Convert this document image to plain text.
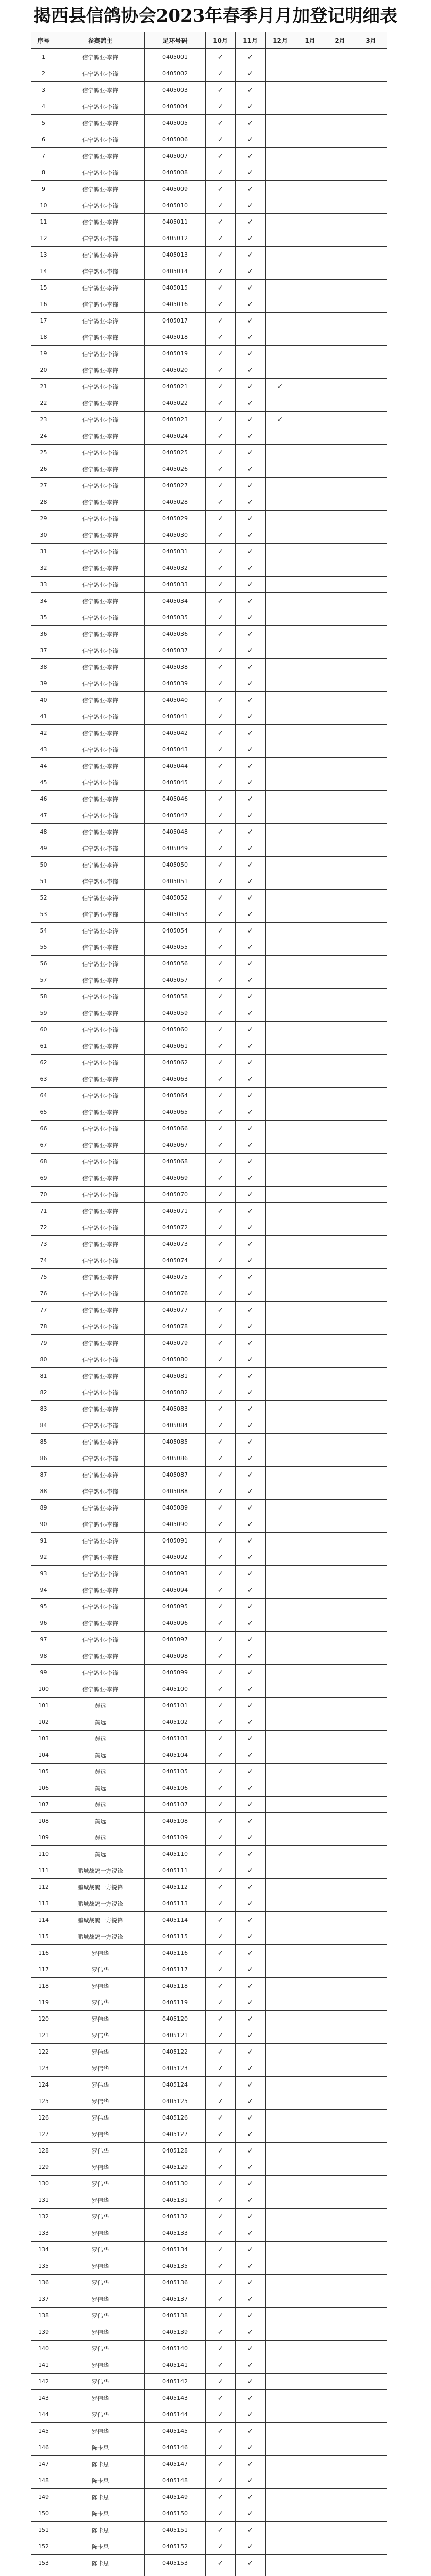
揭西县信鸽协会2023年春季月月加登记明细表
序号	参赛鸽主	足环号码	10月	11月	12月	1月	2月	3月
1	信宁鸽业-李锋	0405001	✓	✓				
2	信宁鸽业-李锋	0405002	✓	✓				
3	信宁鸽业-李锋	0405003	✓	✓				
4	信宁鸽业-李锋	0405004	✓	✓				
5	信宁鸽业-李锋	0405005	✓	✓				
6	信宁鸽业-李锋	0405006	✓	✓				
7	信宁鸽业-李锋	0405007	✓	✓				
8	信宁鸽业-李锋	0405008	✓	✓				
9	信宁鸽业-李锋	0405009	✓	✓				
10	信宁鸽业-李锋	0405010	✓	✓				
11	信宁鸽业-李锋	0405011	✓	✓				
12	信宁鸽业-李锋	0405012	✓	✓				
13	信宁鸽业-李锋	0405013	✓	✓				
14	信宁鸽业-李锋	0405014	✓	✓				
15	信宁鸽业-李锋	0405015	✓	✓				
16	信宁鸽业-李锋	0405016	✓	✓				
17	信宁鸽业-李锋	0405017	✓	✓				
18	信宁鸽业-李锋	0405018	✓	✓				
19	信宁鸽业-李锋	0405019	✓	✓				
20	信宁鸽业-李锋	0405020	✓	✓				
21	信宁鸽业-李锋	0405021	✓	✓	✓			
22	信宁鸽业-李锋	0405022	✓	✓				
23	信宁鸽业-李锋	0405023	✓	✓	✓			
24	信宁鸽业-李锋	0405024	✓	✓				
25	信宁鸽业-李锋	0405025	✓	✓				
26	信宁鸽业-李锋	0405026	✓	✓				
27	信宁鸽业-李锋	0405027	✓	✓				
28	信宁鸽业-李锋	0405028	✓	✓				
29	信宁鸽业-李锋	0405029	✓	✓				
30	信宁鸽业-李锋	0405030	✓	✓				
31	信宁鸽业-李锋	0405031	✓	✓				
32	信宁鸽业-李锋	0405032	✓	✓				
33	信宁鸽业-李锋	0405033	✓	✓				
34	信宁鸽业-李锋	0405034	✓	✓				
35	信宁鸽业-李锋	0405035	✓	✓				
36	信宁鸽业-李锋	0405036	✓	✓				
37	信宁鸽业-李锋	0405037	✓	✓				
38	信宁鸽业-李锋	0405038	✓	✓				
39	信宁鸽业-李锋	0405039	✓	✓				
40	信宁鸽业-李锋	0405040	✓	✓				
41	信宁鸽业-李锋	0405041	✓	✓				
42	信宁鸽业-李锋	0405042	✓	✓				
43	信宁鸽业-李锋	0405043	✓	✓				
44	信宁鸽业-李锋	0405044	✓	✓				
45	信宁鸽业-李锋	0405045	✓	✓				
46	信宁鸽业-李锋	0405046	✓	✓				
47	信宁鸽业-李锋	0405047	✓	✓				
48	信宁鸽业-李锋	0405048	✓	✓				
49	信宁鸽业-李锋	0405049	✓	✓				
50	信宁鸽业-李锋	0405050	✓	✓				
51	信宁鸽业-李锋	0405051	✓	✓				
52	信宁鸽业-李锋	0405052	✓	✓				
53	信宁鸽业-李锋	0405053	✓	✓				
54	信宁鸽业-李锋	0405054	✓	✓				
55	信宁鸽业-李锋	0405055	✓	✓				
56	信宁鸽业-李锋	0405056	✓	✓				
57	信宁鸽业-李锋	0405057	✓	✓				
58	信宁鸽业-李锋	0405058	✓	✓				
59	信宁鸽业-李锋	0405059	✓	✓				
60	信宁鸽业-李锋	0405060	✓	✓				
61	信宁鸽业-李锋	0405061	✓	✓				
62	信宁鸽业-李锋	0405062	✓	✓				
63	信宁鸽业-李锋	0405063	✓	✓				
64	信宁鸽业-李锋	0405064	✓	✓				
65	信宁鸽业-李锋	0405065	✓	✓				
66	信宁鸽业-李锋	0405066	✓	✓				
67	信宁鸽业-李锋	0405067	✓	✓				
68	信宁鸽业-李锋	0405068	✓	✓				
69	信宁鸽业-李锋	0405069	✓	✓				
70	信宁鸽业-李锋	0405070	✓	✓				
71	信宁鸽业-李锋	0405071	✓	✓				
72	信宁鸽业-李锋	0405072	✓	✓				
73	信宁鸽业-李锋	0405073	✓	✓				
74	信宁鸽业-李锋	0405074	✓	✓				
75	信宁鸽业-李锋	0405075	✓	✓				
76	信宁鸽业-李锋	0405076	✓	✓				
77	信宁鸽业-李锋	0405077	✓	✓				
78	信宁鸽业-李锋	0405078	✓	✓				
79	信宁鸽业-李锋	0405079	✓	✓				
80	信宁鸽业-李锋	0405080	✓	✓				
81	信宁鸽业-李锋	0405081	✓	✓				
82	信宁鸽业-李锋	0405082	✓	✓				
83	信宁鸽业-李锋	0405083	✓	✓				
84	信宁鸽业-李锋	0405084	✓	✓				
85	信宁鸽业-李锋	0405085	✓	✓				
86	信宁鸽业-李锋	0405086	✓	✓				
87	信宁鸽业-李锋	0405087	✓	✓				
88	信宁鸽业-李锋	0405088	✓	✓				
89	信宁鸽业-李锋	0405089	✓	✓				
90	信宁鸽业-李锋	0405090	✓	✓				
91	信宁鸽业-李锋	0405091	✓	✓				
92	信宁鸽业-李锋	0405092	✓	✓				
93	信宁鸽业-李锋	0405093	✓	✓				
94	信宁鸽业-李锋	0405094	✓	✓				
95	信宁鸽业-李锋	0405095	✓	✓				
96	信宁鸽业-李锋	0405096	✓	✓				
97	信宁鸽业-李锋	0405097	✓	✓				
98	信宁鸽业-李锋	0405098	✓	✓				
99	信宁鸽业-李锋	0405099	✓	✓				
100	信宁鸽业-李锋	0405100	✓	✓				
101	黄远	0405101	✓	✓				
102	黄远	0405102	✓	✓				
103	黄远	0405103	✓	✓				
104	黄远	0405104	✓	✓				
105	黄远	0405105	✓	✓				
106	黄远	0405106	✓	✓				
107	黄远	0405107	✓	✓				
108	黄远	0405108	✓	✓				
109	黄远	0405109	✓	✓				
110	黄远	0405110	✓	✓				
111	鹏城战鸽一方锐锋	0405111	✓	✓				
112	鹏城战鸽一方锐锋	0405112	✓	✓				
113	鹏城战鸽一方锐锋	0405113	✓	✓				
114	鹏城战鸽一方锐锋	0405114	✓	✓				
115	鹏城战鸽一方锐锋	0405115	✓	✓				
116	罗伟华	0405116	✓	✓				
117	罗伟华	0405117	✓	✓				
118	罗伟华	0405118	✓	✓				
119	罗伟华	0405119	✓	✓				
120	罗伟华	0405120	✓	✓				
121	罗伟华	0405121	✓	✓				
122	罗伟华	0405122	✓	✓				
123	罗伟华	0405123	✓	✓				
124	罗伟华	0405124	✓	✓				
125	罗伟华	0405125	✓	✓				
126	罗伟华	0405126	✓	✓				
127	罗伟华	0405127	✓	✓				
128	罗伟华	0405128	✓	✓				
129	罗伟华	0405129	✓	✓				
130	罗伟华	0405130	✓	✓				
131	罗伟华	0405131	✓	✓				
132	罗伟华	0405132	✓	✓				
133	罗伟华	0405133	✓	✓				
134	罗伟华	0405134	✓	✓				
135	罗伟华	0405135	✓	✓				
136	罗伟华	0405136	✓	✓				
137	罗伟华	0405137	✓	✓				
138	罗伟华	0405138	✓	✓				
139	罗伟华	0405139	✓	✓				
140	罗伟华	0405140	✓	✓				
141	罗伟华	0405141	✓	✓				
142	罗伟华	0405142	✓	✓				
143	罗伟华	0405143	✓	✓				
144	罗伟华	0405144	✓	✓				
145	罗伟华	0405145	✓	✓				
146	陈卡思	0405146	✓	✓				
147	陈卡思	0405147	✓	✓				
148	陈卡思	0405148	✓	✓				
149	陈卡思	0405149	✓	✓				
150	陈卡思	0405150	✓	✓				
151	陈卡思	0405151	✓	✓				
152	陈卡思	0405152	✓	✓				
153	陈卡思	0405153	✓	✓				
